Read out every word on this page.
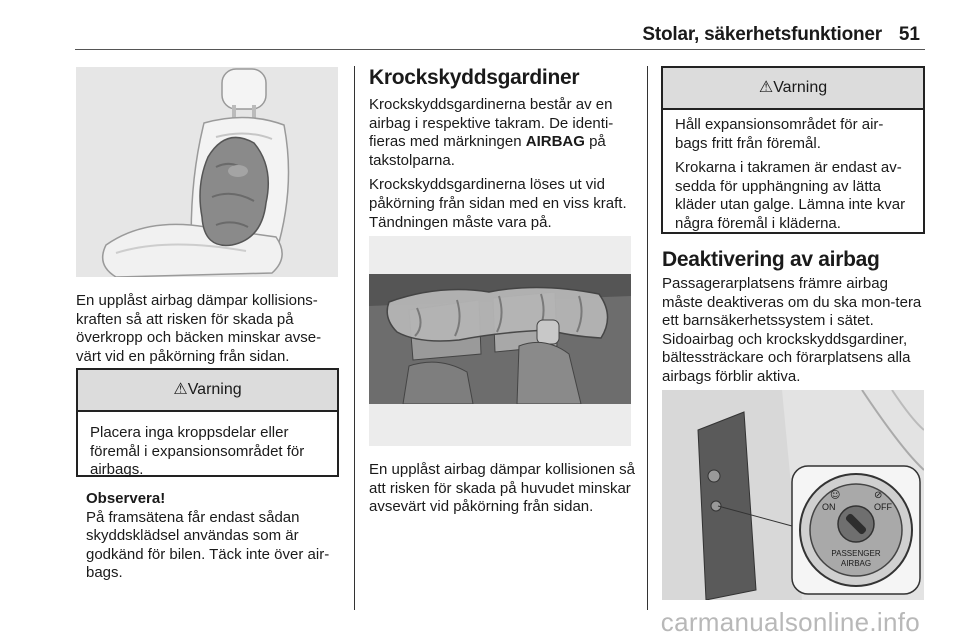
Stolar, säkerhetsfunktioner 51

En upplåst airbag dämpar kollisions-kraften så att risken för skada på överkropp och bäcken minskar avse-värt vid en påkörning från sidan.

⚠Varning

Placera inga kroppsdelar eller föremål i expansionsområdet för airbags.

Observera!
På framsätena får endast sådan skyddsklädsel användas som är godkänd för bilen. Täck inte över air-bags.
Krockskyddsgardiner

Krockskyddsgardinerna består av en airbag i respektive takram. De identi-fieras med märkningen AIRBAG på takstolparna.

Krockskyddsgardinerna löses ut vid påkörning från sidan med en viss kraft. Tändningen måste vara på.

En upplåst airbag dämpar kollisionen så att risken för skada på huvudet minskar avsevärt vid påkörning från sidan.

⚠Varning

Håll expansionsområdet för air-bags fritt från föremål.

Krokarna i takramen är endast av-sedda för upphängning av lätta kläder utan galge. Lämna inte kvar några föremål i kläderna.

Deaktivering av airbag

Passagerarplatsens främre airbag måste deaktiveras om du ska mon-tera ett barnsäkerhetssystem i sätet. Sidoairbag och krockskyddsgardiner, bältessträckare och förarplatsens alla airbags förblir aktiva.

ON	OFF
PASSENGER
AIRBAG
☺	⊘
carmanualsonline.info
